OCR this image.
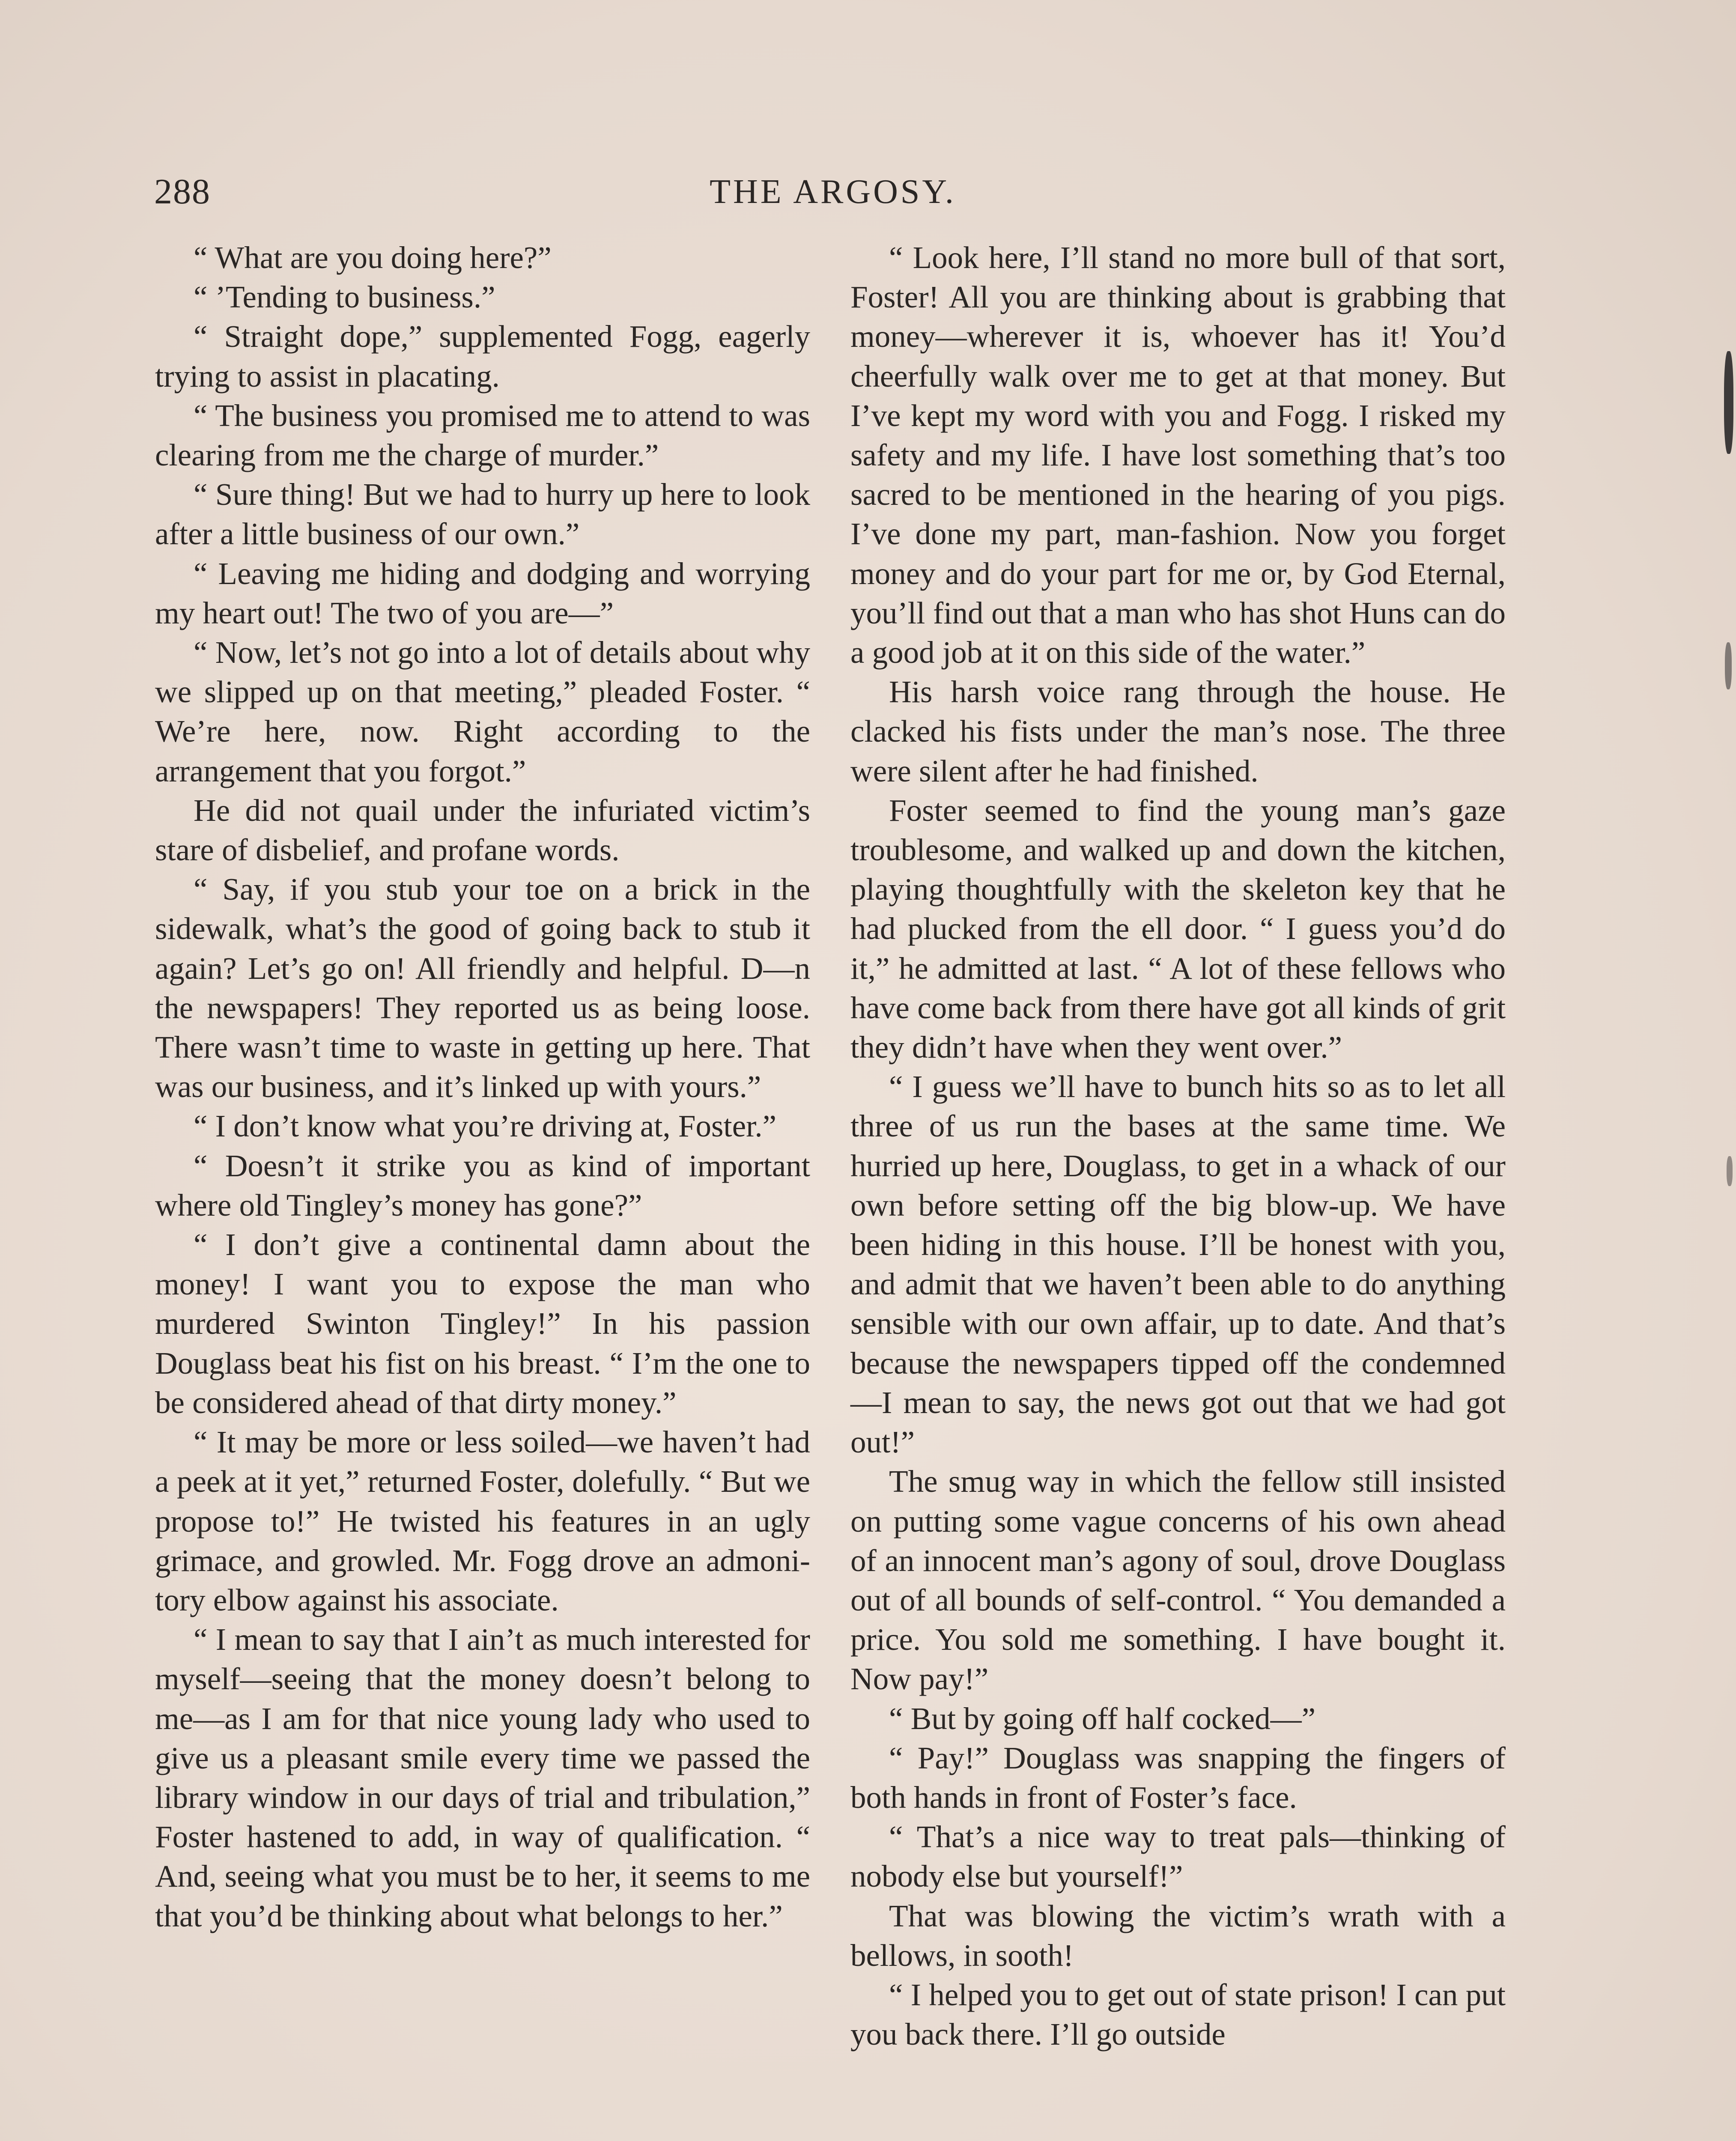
288	THE ARGOSY.

“ What are you doing here?”

“ ’Tending to business.”

“ Straight dope,” supplemented Fogg, eagerly trying to assist in placating.

“ The business you promised me to attend to was clearing from me the charge of murder.”

“ Sure thing! But we had to hurry up here to look after a little business of our own.”

“ Leaving me hiding and dodging and worrying my heart out! The two of you are—”

“ Now, let’s not go into a lot of details about why we slipped up on that meeting,” pleaded Foster. “ We’re here, now. Right according to the arrangement that you forgot.”

He did not quail under the infuriated victim’s stare of disbelief, and profane words.

“ Say, if you stub your toe on a brick in the sidewalk, what’s the good of going back to stub it again? Let’s go on! All friendly and helpful. D—n the newspapers! They reported us as being loose. There wasn’t time to waste in getting up here. That was our business, and it’s linked up with yours.”

“ I don’t know what you’re driving at, Foster.”

“ Doesn’t it strike you as kind of important where old Tingley’s money has gone?”

“ I don’t give a continental damn about the money! I want you to expose the man who murdered Swinton Tingley!” In his passion Douglass beat his fist on his breast. “ I’m the one to be considered ahead of that dirty money.”

“ It may be more or less soiled—we haven’t had a peek at it yet,” returned Foster, dolefully. “ But we propose to!” He twisted his features in an ugly grimace, and growled. Mr. Fogg drove an admonitory elbow against his associate.

“ I mean to say that I ain’t as much interested for myself—seeing that the money doesn’t belong to me—as I am for that nice young lady who used to give us a pleasant smile every time we passed the library window in our days of trial and tribulation,” Foster hastened to add, in way of qualification. “ And, seeing what you must be to her, it seems to me that you’d be thinking about what belongs to her.”

“ Look here, I’ll stand no more bull of that sort, Foster! All you are thinking about is grabbing that money—wherever it is, whoever has it! You’d cheerfully walk over me to get at that money. But I’ve kept my word with you and Fogg. I risked my safety and my life. I have lost something that’s too sacred to be mentioned in the hearing of you pigs. I’ve done my part, man-fashion. Now you forget money and do your part for me or, by God Eternal, you’ll find out that a man who has shot Huns can do a good job at it on this side of the water.”

His harsh voice rang through the house. He clacked his fists under the man’s nose. The three were silent after he had finished.

Foster seemed to find the young man’s gaze troublesome, and walked up and down the kitchen, playing thoughtfully with the skeleton key that he had plucked from the ell door. “ I guess you’d do it,” he admitted at last. “ A lot of these fellows who have come back from there have got all kinds of grit they didn’t have when they went over.”

“ I guess we’ll have to bunch hits so as to let all three of us run the bases at the same time. We hurried up here, Douglass, to get in a whack of our own before setting off the big blow-up. We have been hiding in this house. I’ll be honest with you, and admit that we haven’t been able to do anything sensible with our own affair, up to date. And that’s because the newspapers tipped off the condemned—I mean to say, the news got out that we had got out!”

The smug way in which the fellow still insisted on putting some vague concerns of his own ahead of an innocent man’s agony of soul, drove Douglass out of all bounds of self-control. “ You demanded a price. You sold me something. I have bought it. Now pay!”

“ But by going off half cocked—”

“ Pay!” Douglass was snapping the fingers of both hands in front of Foster’s face.

“ That’s a nice way to treat pals—thinking of nobody else but yourself!”

That was blowing the victim’s wrath with a bellows, in sooth!

“ I helped you to get out of state prison! I can put you back there. I’ll go outside
